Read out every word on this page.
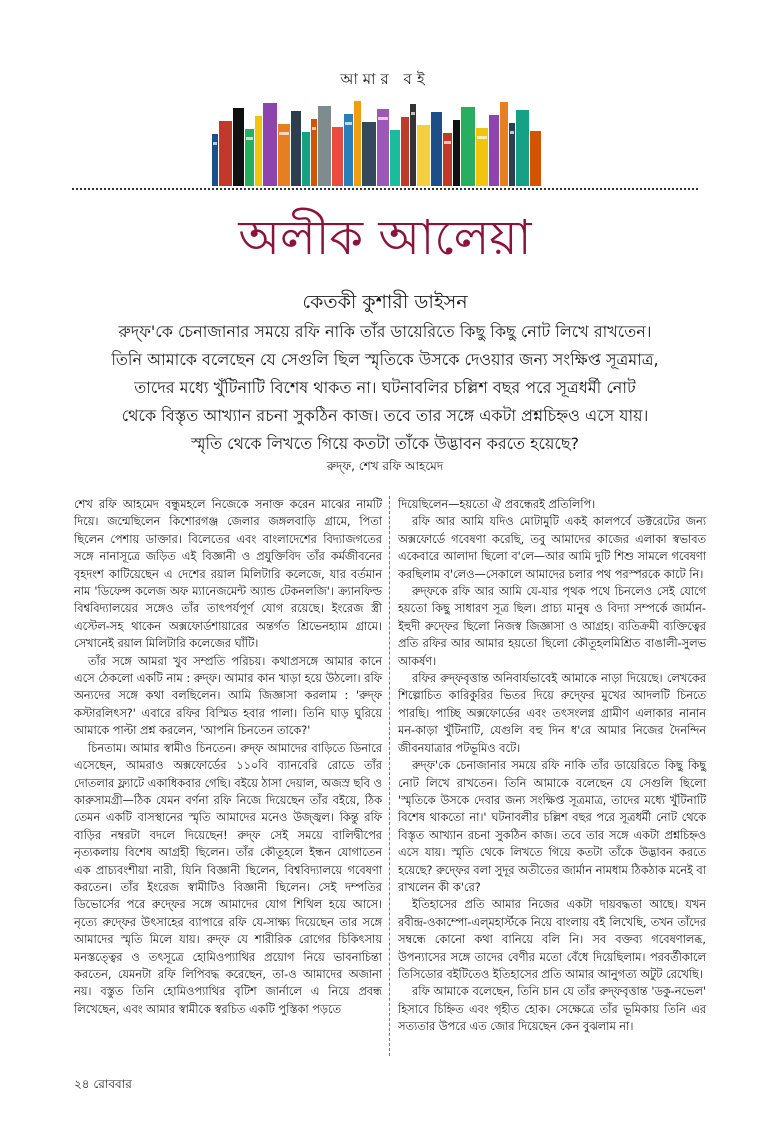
আমার বই
অলীক আলেয়া
কেতকী কুশারী ডাইসন
রুদ্ফ'কে চেনাজানার সময়ে রফি নাকি তাঁর ডায়েরিতে কিছু কিছু নোট লিখে রাখতেন।
তিনি আমাকে বলেছেন যে সেগুলি ছিল স্মৃতিকে উসকে দেওয়ার জন্য সংক্ষিপ্ত সূত্রমাত্র,
তাদের মধ্যে খুঁটিনাটি বিশেষ থাকত না। ঘটনাবলির চল্লিশ বছর পরে সূত্রধর্মী নোট
থেকে বিস্তৃত আখ্যান রচনা সুকঠিন কাজ। তবে তার সঙ্গে একটা প্রশ্নচিহ্নও এসে যায়।
স্মৃতি থেকে লিখতে গিয়ে কতটা তাঁকে উদ্ভাবন করতে হয়েছে?
রুদ্ফ, শেখ রফি আহমেদ

শেখ রফি আহমেদ বন্ধুমহলে নিজেকে সনাক্ত করেন মাঝের নামটি দিয়ে। জন্মেছিলেন কিশোরগঞ্জ জেলার জঙ্গলবাড়ি গ্রামে, পিতা ছিলেন পেশায় ডাক্তার। বিলেতের এবং বাংলাদেশের বিদ্যাজগতের সঙ্গে নানাসূত্রে জড়িত এই বিজ্ঞানী ও প্রযুক্তিবিদ তাঁর কর্মজীবনের বৃহদংশ কাটিয়েছেন এ দেশের রয়াল মিলিটারি কলেজে, যার বর্তমান নাম 'ডিফেন্স কলেজ অফ ম্যানেজমেন্ট অ্যান্ড টেকনলজি'। ক্র্যানফিল্ড বিশ্ববিদ্যালয়ের সঙ্গেও তাঁর তাৎপর্যপূর্ণ যোগ রয়েছে। ইংরেজ স্ত্রী এস্টেল-সহ থাকেন অক্সফোর্ডশায়ারের অন্তর্গত শ্রিভেনহ্যাম গ্রামে। সেখানেই রয়াল মিলিটারি কলেজের ঘাঁটি।

তাঁর সঙ্গে আমরা খুব সম্প্রতি পরিচয়। কথাপ্রসঙ্গে আমার কানে এসে ঠেকলো একটি নাম : রুদ্ফ। আমার কান খাড়া হয়ে উঠলো। রফি অন্যদের সঙ্গে কথা বলছিলেন। আমি জিজ্ঞাসা করলাম : 'রুদ্ফ কস্টারলিৎস?' এবারে রফির বিস্মিত হবার পালা। তিনি ঘাড় ঘুরিয়ে আমাকে পাল্টা প্রশ্ন করলেন, 'আপনি চিনতেন তাকে?'

চিনতাম। আমার স্বামীও চিনতেন। রুদ্ফ আমাদের বাড়িতে ডিনারে এসেছেন, আমরাও অক্সফোর্ডের ১১০বি ব্যানবেরি রোডে তাঁর দোতলার ফ্ল্যাটে একাধিকবার গেছি। বইয়ে ঠাসা দেয়াল, অজস্র ছবি ও কারুসামগ্রী—ঠিক যেমন বর্ণনা রফি নিজে দিয়েছেন তাঁর বইয়ে, ঠিক তেমন একটি বাসস্থানের স্মৃতি আমাদের মনেও উজ্জ্বল। কিন্তু রফি বাড়ির নম্বরটা বদলে দিয়েছেন! রুদ্ফ সেই সময়ে বালিদ্বীপের নৃত্যকলায় বিশেষ আগ্রহী ছিলেন। তাঁর কৌতূহলে ইন্ধন যোগাতেন এক প্রাচ্যবংশীয়া নারী, যিনি বিজ্ঞানী ছিলেন, বিশ্ববিদ্যালয়ে গবেষণা করতেন। তাঁর ইংরেজ স্বামীটিও বিজ্ঞানী ছিলেন। সেই দম্পতির ডিভোর্সের পরে রুদ্ফের সঙ্গে আমাদের যোগ শিথিল হয়ে আসে। নৃত্যে রুদ্ফের উৎসাহের ব্যাপারে রফি যে-সাক্ষ্য দিয়েছেন তার সঙ্গে আমাদের স্মৃতি মিলে যায়। রুদ্ফ যে শারীরিক রোগের চিকিৎসায় মনস্তত্ত্বের ও তৎসূত্রে হোমিওপ্যাথির প্রয়োগ নিয়ে ভাবনাচিন্তা করতেন, যেমনটা রফি লিপিবদ্ধ করেছেন, তা-ও আমাদের অজানা নয়। বস্তুত তিনি হোমিওপ্যাথির বৃটিশ জার্নালে এ নিয়ে প্রবন্ধ লিখেছেন, এবং আমার স্বামীকে স্বরচিত একটি পুস্তিকা পড়তে

দিয়েছিলেন—হয়তো ঐ প্রবন্ধেরই প্রতিলিপি।

রফি আর আমি যদিও মোটামুটি একই কালপর্বে ডক্টরেটের জন্য অক্সফোর্ডে গবেষণা করেছি, তবু আমাদের কাজের এলাকা স্বভাবত একেবারে আলাদা ছিলো ব'লে—আর আমি দুটি শিশু সামলে গবেষণা করছিলাম ব'লেও—সেকালে আমাদের চলার পথ পরস্পরকে কাটে নি।

রুদ্ফকে রফি আর আমি যে-যার পৃথক পথে চিনলেও সেই যোগে হয়তো কিছু সাধারণ সূত্র ছিল। প্রাচ্য মানুষ ও বিদ্যা সম্পর্কে জার্মান-ইহুদী রুদ্ফের ছিলো নিজস্ব জিজ্ঞাসা ও আগ্রহ। ব্যতিক্রমী ব্যক্তিত্বের প্রতি রফির আর আমার হয়তো ছিলো কৌতূহলমিশ্রিত বাঙালী-সুলভ আকর্ষণ।

রফির রুদ্ফবৃত্তান্ত অনিবার্যভাবেই আমাকে নাড়া দিয়েছে। লেখকের শিল্পোচিত কারিকুরির ভিতর দিয়ে রুদ্ফের মুখের আদলটি চিনতে পারছি। পাচ্ছি অক্সফোর্ডের এবং তৎসংলগ্ন গ্রামীণ এলাকার নানান মন-কাড়া খুঁটিনাটি, যেগুলি বহু দিন ধ'রে আমার নিজের দৈনন্দিন জীবনযাত্রার পটভূমিও বটে।

রুদ্ফ'কে চেনাজানার সময়ে রফি নাকি তাঁর ডায়েরিতে কিছু কিছু নোট লিখে রাখতেন। তিনি আমাকে বলেছেন যে সেগুলি ছিলো 'স্মৃতিকে উসকে দেবার জন্য সংক্ষিপ্ত সূত্রমাত্র, তাদের মধ্যে খুঁটিনাটি বিশেষ থাকতো না।' ঘটনাবলীর চল্লিশ বছর পরে সূত্রধর্মী নোট থেকে বিস্তৃত আখ্যান রচনা সুকঠিন কাজ। তবে তার সঙ্গে একটা প্রশ্নচিহ্নও এসে যায়। স্মৃতি থেকে লিখতে গিয়ে কতটা তাঁকে উদ্ভাবন করতে হয়েছে? রুদ্ফের বলা সুদূর অতীতের জার্মান নামধাম ঠিকঠাক মনেই বা রাখলেন কী ক'রে?

ইতিহাসের প্রতি আমার নিজের একটা দায়বদ্ধতা আছে। যখন রবীন্দ্র-ওকাম্পো-এল্‌মহার্স্টকে নিয়ে বাংলায় বই লিখেছি, তখন তাঁদের সম্বন্ধে কোনো কথা বানিয়ে বলি নি। সব বক্তব্য গবেষণালব্ধ, উপন্যাসের সঙ্গে তাদের বেণীর মতো বেঁধে দিয়েছিলাম। পরবর্তীকালে তিসিডোর বইটিতেও ইতিহাসের প্রতি আমার আনুগত্য অটুট রেখেছি।

রফি আমাকে বলেছেন, তিনি চান যে তাঁর রুদ্ফবৃত্তান্ত 'ডকু-নভেল' হিসাবে চিহ্নিত এবং গৃহীত হোক। সেক্ষেত্রে তাঁর ভূমিকায় তিনি এর সত্যতার উপরে এত জোর দিয়েছেন কেন বুঝলাম না।

২৪ রোববার
